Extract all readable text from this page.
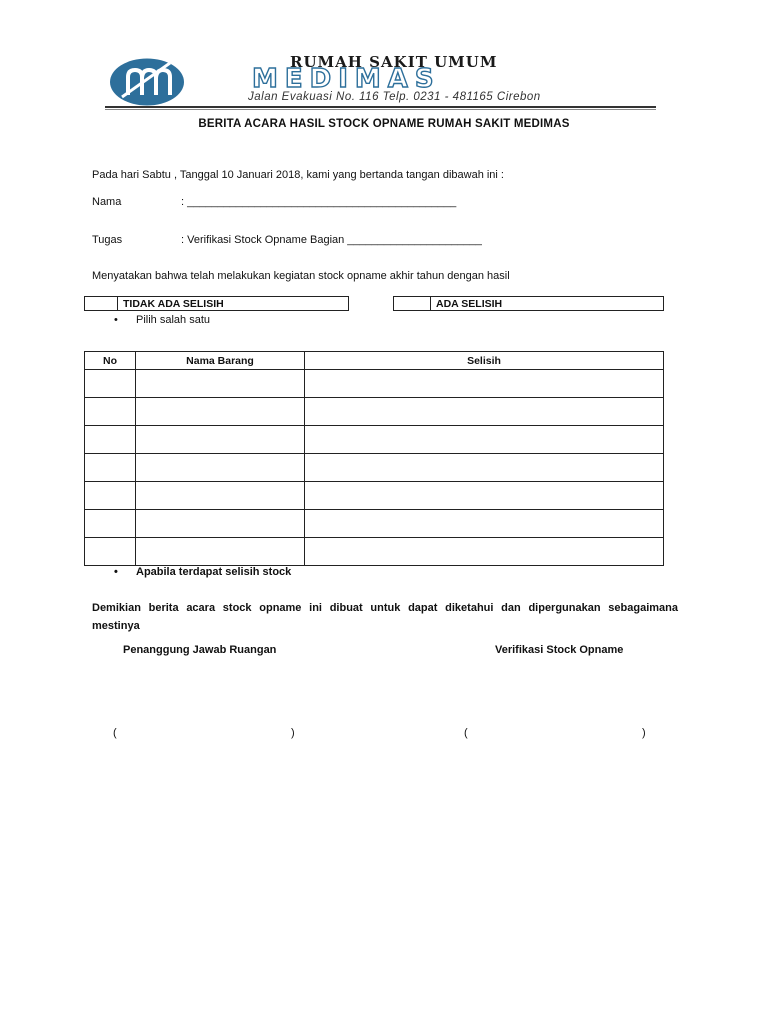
RUMAH SAKIT UMUM
MEDIMAS
Jalan Evakuasi No. 116 Telp. 0231 - 481165 Cirebon
BERITA ACARA HASIL STOCK OPNAME RUMAH SAKIT MEDIMAS
Pada hari Sabtu , Tanggal 10 Januari 2018, kami yang bertanda tangan dibawah ini :
Nama	: ____________________________________________
Tugas	: Verifikasi Stock Opname Bagian ______________________
Menyatakan bahwa telah melakukan kegiatan stock opname akhir tahun dengan hasil
TIDAK ADA SELISIH	ADA SELISIH
• Pilih salah satu
No	Nama Barang	Selisih

• Apabila terdapat selisih stock
Demikian berita acara stock opname ini dibuat untuk dapat diketahui dan dipergunakan sebagaimana
mestinya
Penanggung Jawab Ruangan	Verifikasi Stock Opname
(	)	(	)
